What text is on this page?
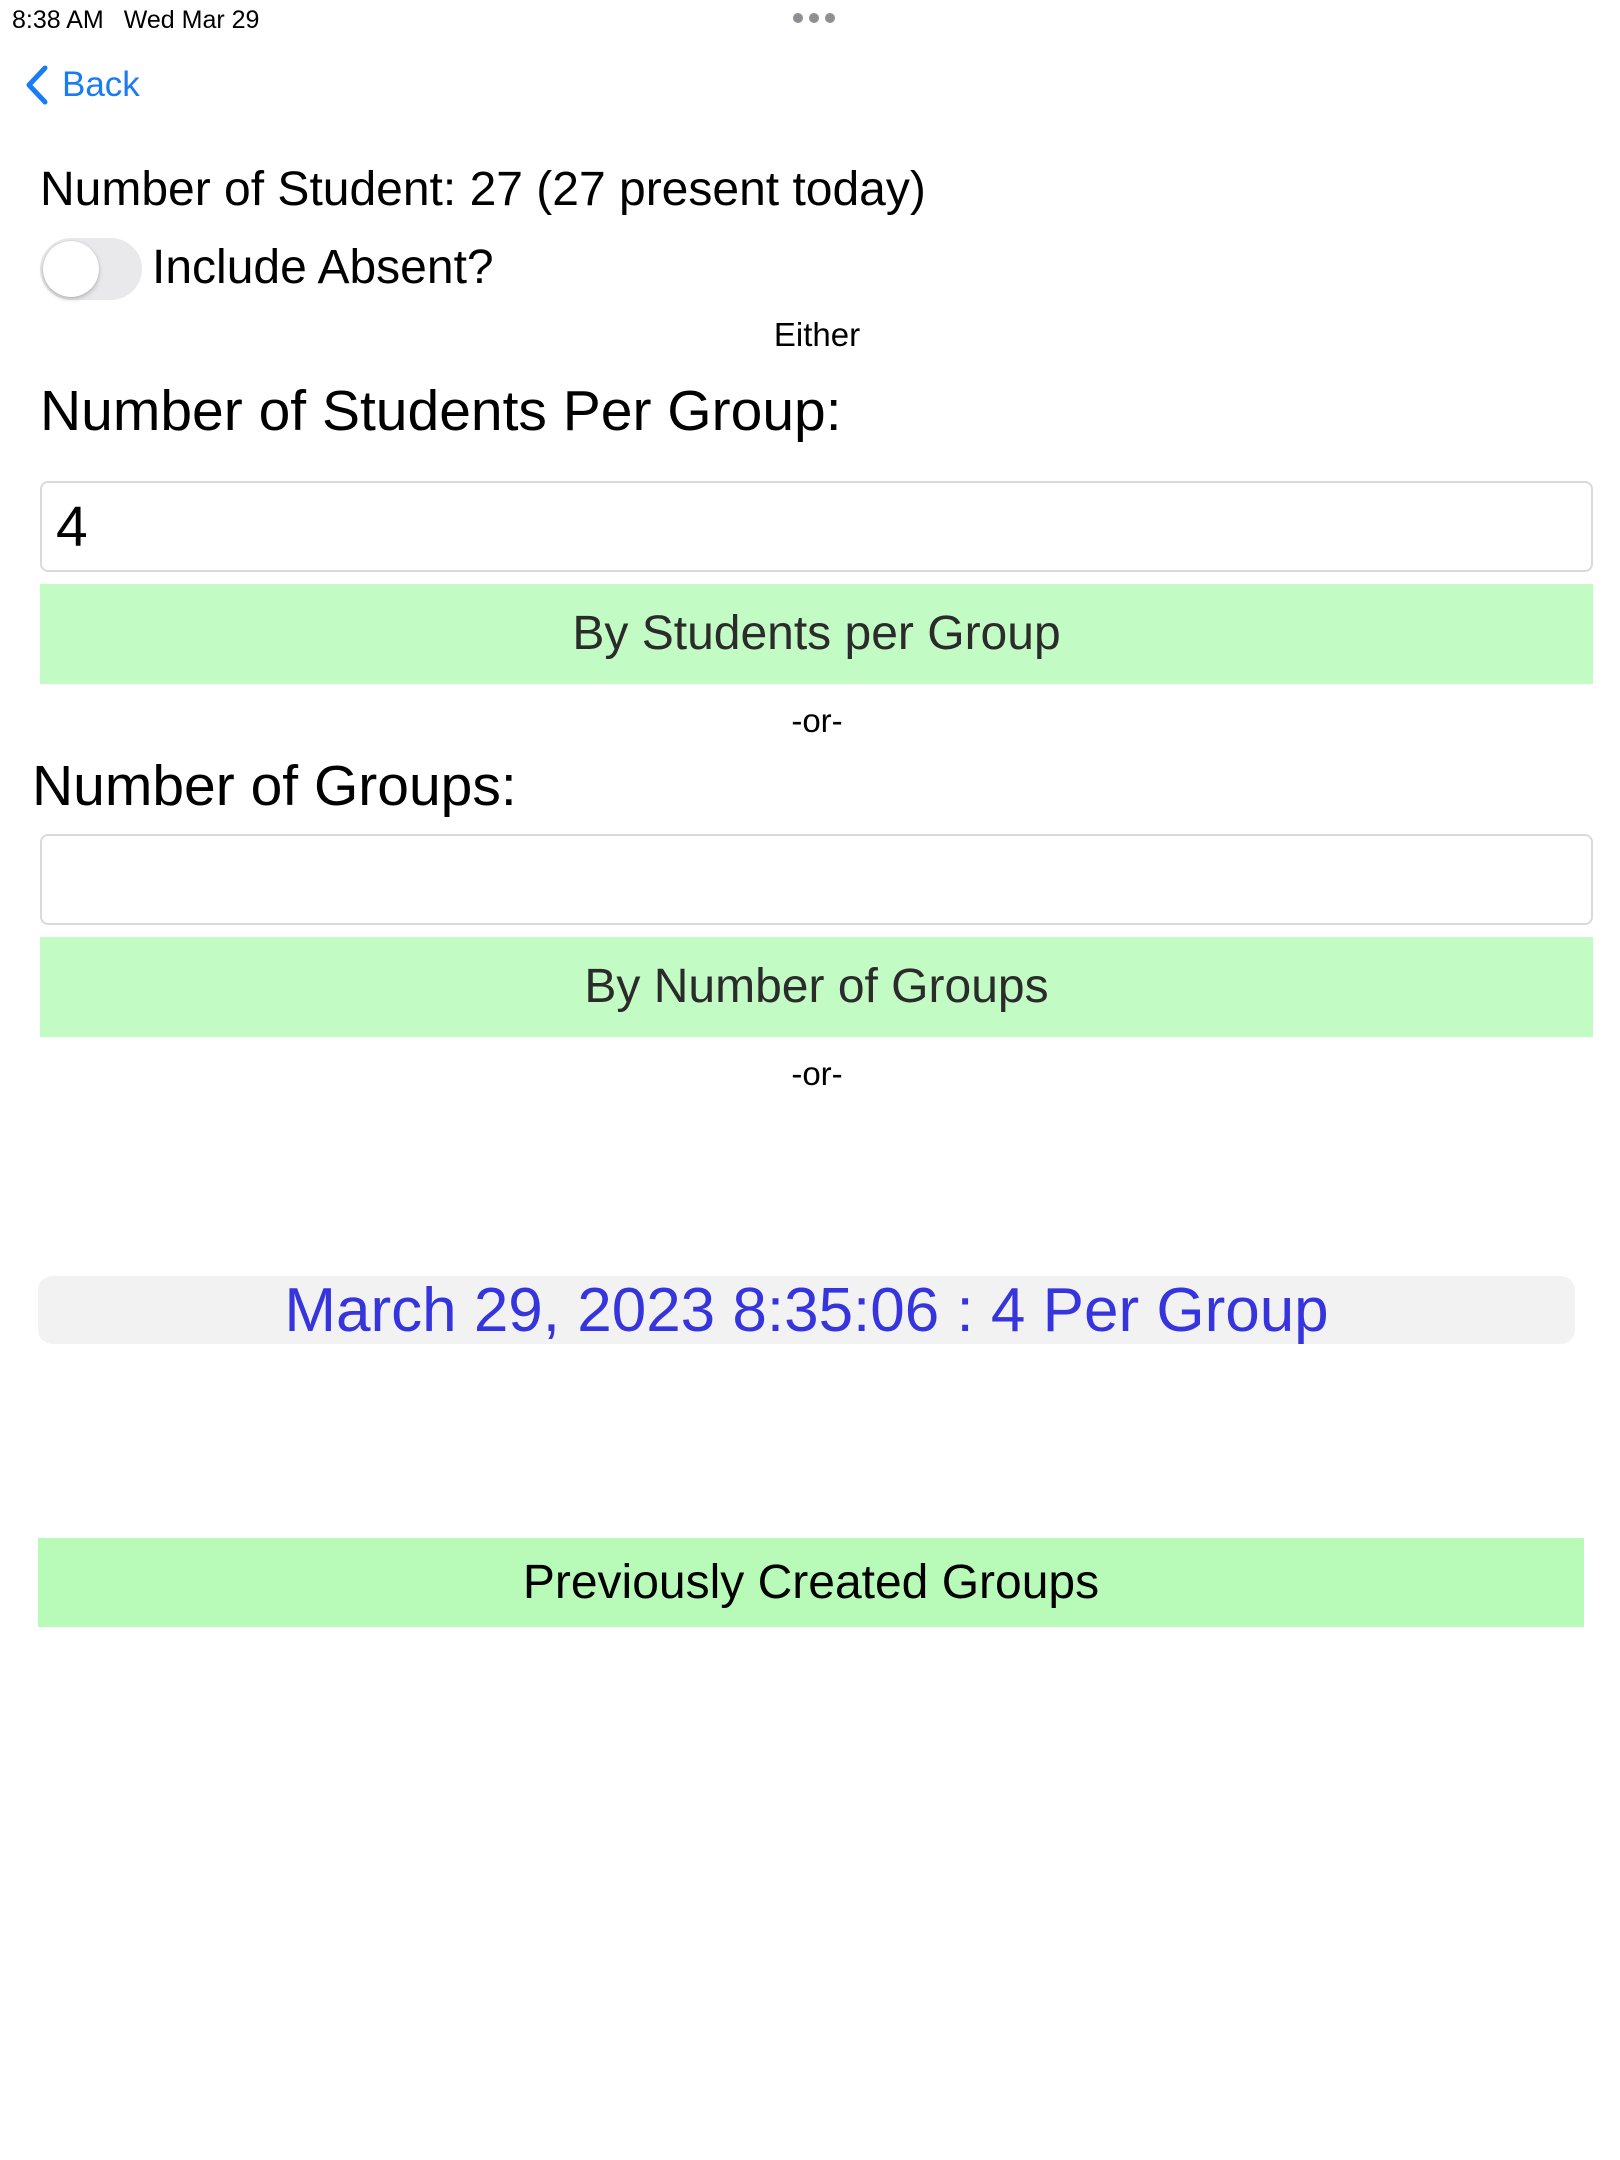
8:38 AM Wed Mar 29
Back
Number of Student: 27 (27 present today)
Include Absent?
Either
Number of Students Per Group:
4
By Students per Group
-or-
Number of Groups:
By Number of Groups
-or-
March 29, 2023 8:35:06 : 4 Per Group
Previously Created Groups
